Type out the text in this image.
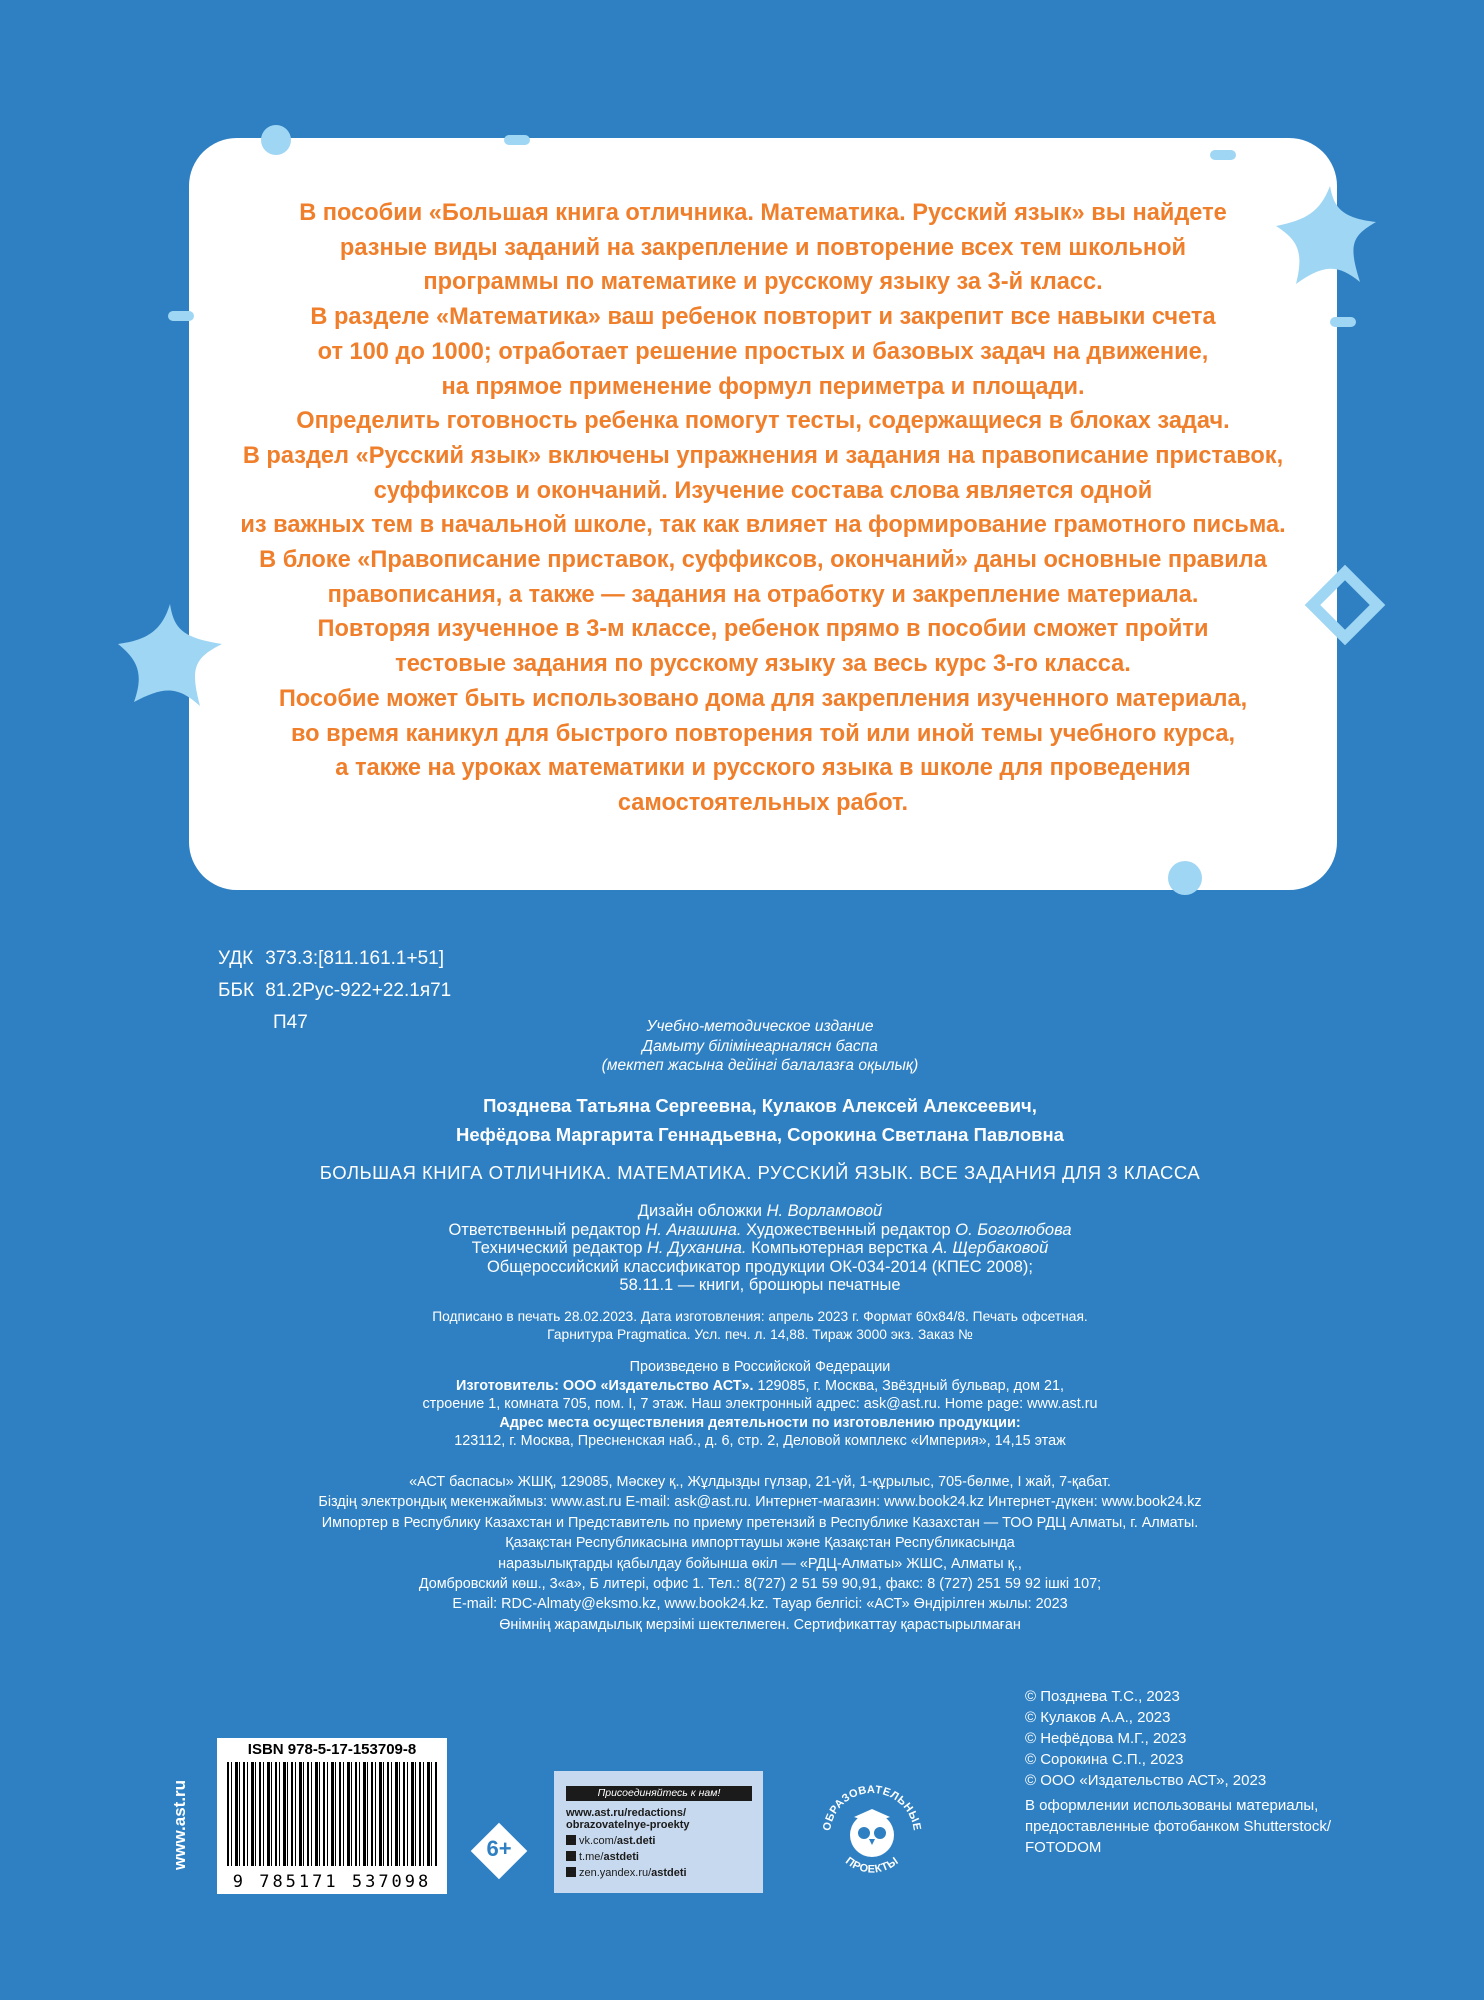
В пособии «Большая книга отличника. Математика. Русский язык» вы найдете
разные виды заданий на закрепление и повторение всех тем школьной
программы по математике и русскому языку за 3-й класс.
В разделе «Математика» ваш ребенок повторит и закрепит все навыки счета
от 100 до 1000; отработает решение простых и базовых задач на движение,
на прямое применение формул периметра и площади.
Определить готовность ребенка помогут тесты, содержащиеся в блоках задач.
В раздел «Русский язык» включены упражнения и задания на правописание приставок,
суффиксов и окончаний. Изучение состава слова является одной
из важных тем в начальной школе, так как влияет на формирование грамотного письма.
В блоке «Правописание приставок, суффиксов, окончаний» даны основные правила
правописания, а также — задания на отработку и закрепление материала.
Повторяя изученное в 3-м классе, ребенок прямо в пособии сможет пройти
тестовые задания по русскому языку за весь курс 3-го класса.
Пособие может быть использовано дома для закрепления изученного материала,
во время каникул для быстрого повторения той или иной темы учебного курса,
а также на уроках математики и русского языка в школе для проведения
самостоятельных работ.
УДК 373.3:[811.161.1+51]
ББК 81.2Рус-922+22.1я71
П47	Учебно-методическое издание
Дамыту білімінеарналясн баспа
(мектеп жасына дейінгі балалазға оқылық)
Позднева Татьяна Сергеевна, Кулаков Алексей Алексеевич,
Нефёдова Маргарита Геннадьевна, Сорокина Светлана Павловна
БОЛЬШАЯ КНИГА ОТЛИЧНИКА. МАТЕМАТИКА. РУССКИЙ ЯЗЫК. ВСЕ ЗАДАНИЯ ДЛЯ 3 КЛАССА
Дизайн обложки Н. Ворламовой
Ответственный редактор Н. Анашина. Художественный редактор О. Боголюбова
Технический редактор Н. Духанина. Компьютерная верстка А. Щербаковой
Общероссийский классификатор продукции ОК-034-2014 (КПЕС 2008);
58.11.1 — книги, брошюры печатные
Подписано в печать 28.02.2023. Дата изготовления: апрель 2023 г. Формат 60x84/8. Печать офсетная.
Гарнитура Pragmatica. Усл. печ. л. 14,88. Тираж 3000 экз. Заказ №
Произведено в Российской Федерации
Изготовитель: ООО «Издательство АСТ». 129085, г. Москва, Звёздный бульвар, дом 21,
строение 1, комната 705, пом. I, 7 этаж. Наш электронный адрес: ask@ast.ru. Home page: www.ast.ru
Адрес места осуществления деятельности по изготовлению продукции:
123112, г. Москва, Пресненская наб., д. 6, стр. 2, Деловой комплекс «Империя», 14,15 этаж
«АСТ баспасы» ЖШҚ, 129085, Мәскеу қ., Жұлдызды гүлзар, 21-үй, 1-құрылыс, 705-бөлме, I жай, 7-қабат.
Біздің электрондық мекенжаймыз: www.ast.ru E-mail: ask@ast.ru. Интернет-магазин: www.book24.kz Интернет-дүкен: www.book24.kz
Импортер в Республику Казахстан и Представитель по приему претензий в Республике Казахстан — ТОО РДЦ Алматы, г. Алматы.
Қазақстан Республикасына импорттаушы және Қазақстан Республикасында
наразылықтарды қабылдау бойынша өкіл — «РДЦ-Алматы» ЖШС, Алматы қ.,
Домбровский көш., 3«а», Б литері, офис 1. Тел.: 8(727) 2 51 59 90,91, факс: 8 (727) 251 59 92 ішкі 107;
E-mail: RDC-Almaty@eksmo.kz, www.book24.kz. Тауар белгісі: «АСТ» Өндірілген жылы: 2023
Өнімнің жарамдылық мерзімі шектелмеген. Сертификаттау қарастырылмаған
© Позднева Т.С., 2023
© Кулаков А.А., 2023
© Нефёдова М.Г., 2023
© Сорокина С.П., 2023
© ООО «Издательство АСТ», 2023
В оформлении использованы материалы,
предоставленные фотобанком Shutterstock/
FOTODOM
www.ast.ru
ISBN 978-5-17-153709-8
9 785171 537098
6+
Присоединяйтесь к нам!
www.ast.ru/redactions/
obrazovatelnye-proekty
vk.com/ast.deti
t.me/astdeti
zen.yandex.ru/astdeti
ОБРАЗОВАТЕЛЬНЫЕ
ПРОЕКТЫ
